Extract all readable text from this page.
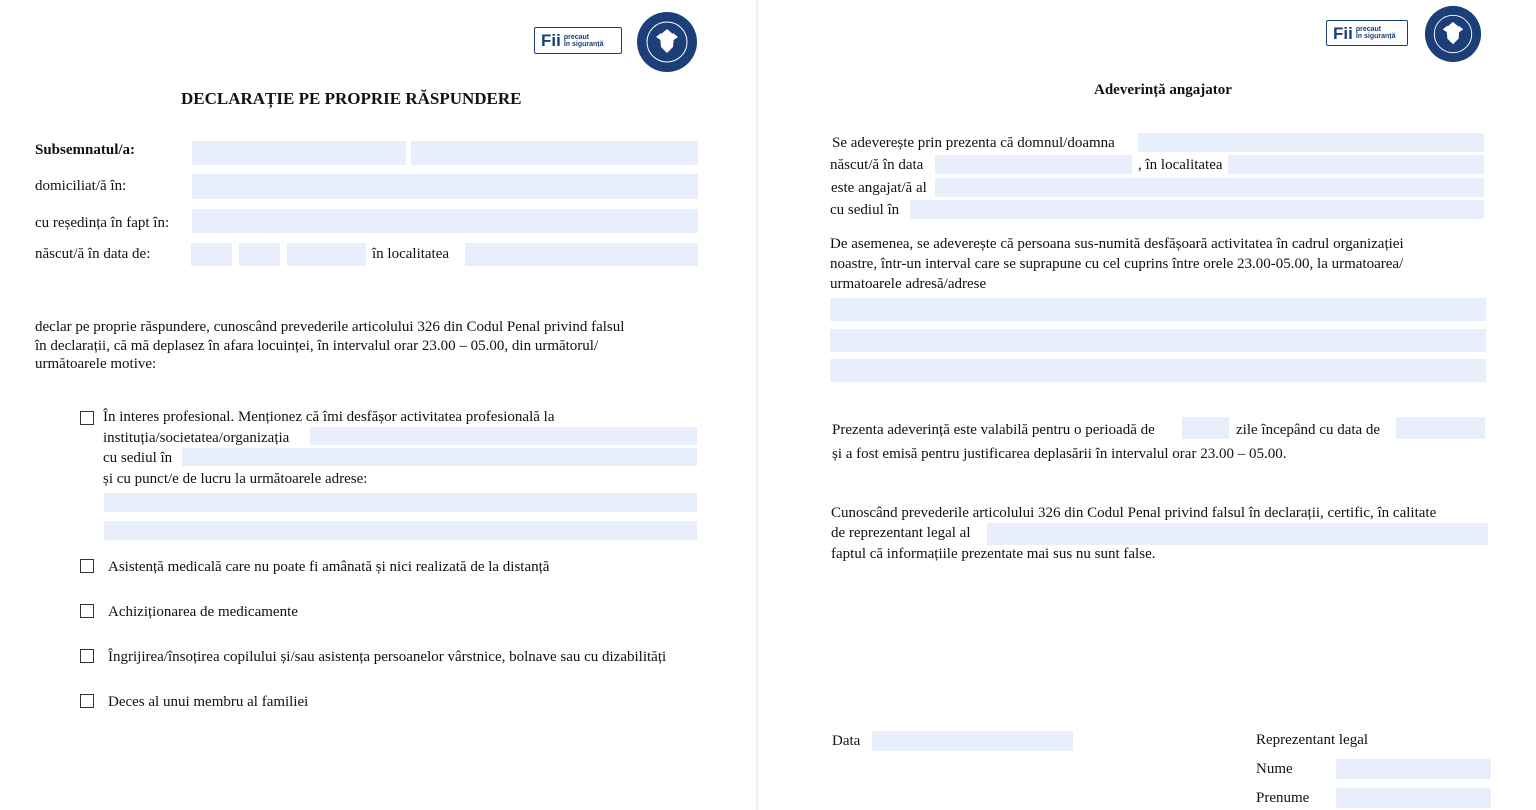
Fii precaut
în siguranță
DECLARAȚIE PE PROPRIE RĂSPUNDERE
Subsemnatul/a:
domiciliat/ă în:
cu reședința în fapt în:
născut/ă în data de:	în localitatea
declar pe proprie răspundere, cunoscând prevederile articolului 326 din Codul Penal privind falsul
în declarații, că mă deplasez în afara locuinței, în intervalul orar 23.00 – 05.00, din următorul/
următoarele motive:
În interes profesional. Menționez că îmi desfășor activitatea profesională la
instituția/societatea/organizația
cu sediul în
și cu punct/e de lucru la următoarele adrese:
Asistență medicală care nu poate fi amânată și nici realizată de la distanță
Achiziționarea de medicamente
Îngrijirea/însoțirea copilului și/sau asistența persoanelor vârstnice, bolnave sau cu dizabilități
Deces al unui membru al familiei
Fii precaut
în siguranță
Adeverință angajator
Se adeverește prin prezenta că domnul/doamna
născut/ă în data	, în localitatea
este angajat/ă al
cu sediul în
De asemenea, se adeverește că persoana sus-numită desfășoară activitatea în cadrul organizației
noastre, într-un interval care se suprapune cu cel cuprins între orele 23.00-05.00, la urmatoarea/
urmatoarele adresă/adrese
Prezenta adeverință este valabilă pentru o perioadă de	zile începând cu data de
și a fost emisă pentru justificarea deplasării în intervalul orar 23.00 – 05.00.
Cunoscând prevederile articolului 326 din Codul Penal privind falsul în declarații, certific, în calitate
de reprezentant legal al
faptul că informațiile prezentate mai sus nu sunt false.
Data	Reprezentant legal
Nume
Prenume
